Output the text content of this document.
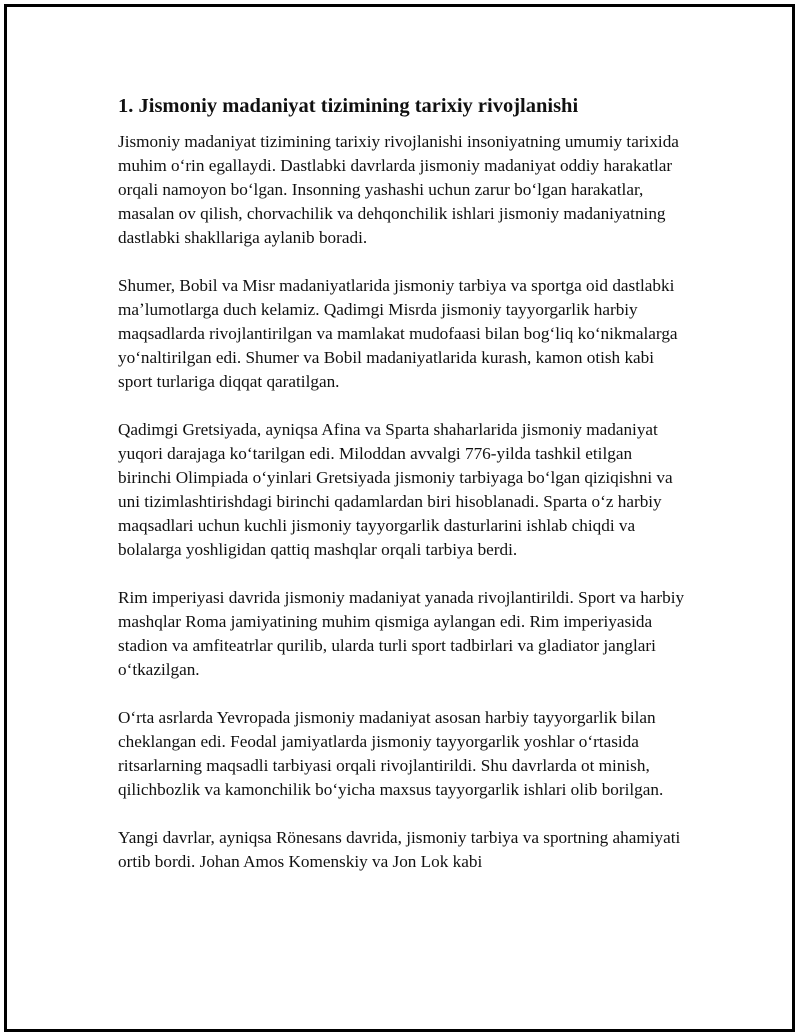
1. Jismoniy madaniyat tizimining tarixiy rivojlanishi

Jismoniy madaniyat tizimining tarixiy rivojlanishi insoniyatning umumiy tarixida muhim oʻrin egallaydi. Dastlabki davrlarda jismoniy madaniyat oddiy harakatlar orqali namoyon boʻlgan. Insonning yashashi uchun zarur boʻlgan harakatlar, masalan ov qilish, chorvachilik va dehqonchilik ishlari jismoniy madaniyatning dastlabki shakllariga aylanib boradi.

Shumer, Bobil va Misr madaniyatlarida jismoniy tarbiya va sportga oid dastlabki maʼlumotlarga duch kelamiz. Qadimgi Misrda jismoniy tayyorgarlik harbiy maqsadlarda rivojlantirilgan va mamlakat mudofaasi bilan bogʻliq koʻnikmalarga yoʻnaltirilgan edi. Shumer va Bobil madaniyatlarida kurash, kamon otish kabi sport turlariga diqqat qaratilgan.

Qadimgi Gretsiyada, ayniqsa Afina va Sparta shaharlarida jismoniy madaniyat yuqori darajaga koʻtarilgan edi. Miloddan avvalgi 776-yilda tashkil etilgan birinchi Olimpiada oʻyinlari Gretsiyada jismoniy tarbiyaga boʻlgan qiziqishni va uni tizimlashtirishdagi birinchi qadamlardan biri hisoblanadi. Sparta oʻz harbiy maqsadlari uchun kuchli jismoniy tayyorgarlik dasturlarini ishlab chiqdi va bolalarga yoshligidan qattiq mashqlar orqali tarbiya berdi.

Rim imperiyasi davrida jismoniy madaniyat yanada rivojlantirildi. Sport va harbiy mashqlar Roma jamiyatining muhim qismiga aylangan edi. Rim imperiyasida stadion va amfiteatrlar qurilib, ularda turli sport tadbirlari va gladiator janglari oʻtkazilgan.

Oʻrta asrlarda Yevropada jismoniy madaniyat asosan harbiy tayyorgarlik bilan cheklangan edi. Feodal jamiyatlarda jismoniy tayyorgarlik yoshlar oʻrtasida ritsarlarning maqsadli tarbiyasi orqali rivojlantirildi. Shu davrlarda ot minish, qilichbozlik va kamonchilik boʻyicha maxsus tayyorgarlik ishlari olib borilgan.

Yangi davrlar, ayniqsa Rönesans davrida, jismoniy tarbiya va sportning ahamiyati ortib bordi. Johan Amos Komenskiy va Jon Lok kabi
